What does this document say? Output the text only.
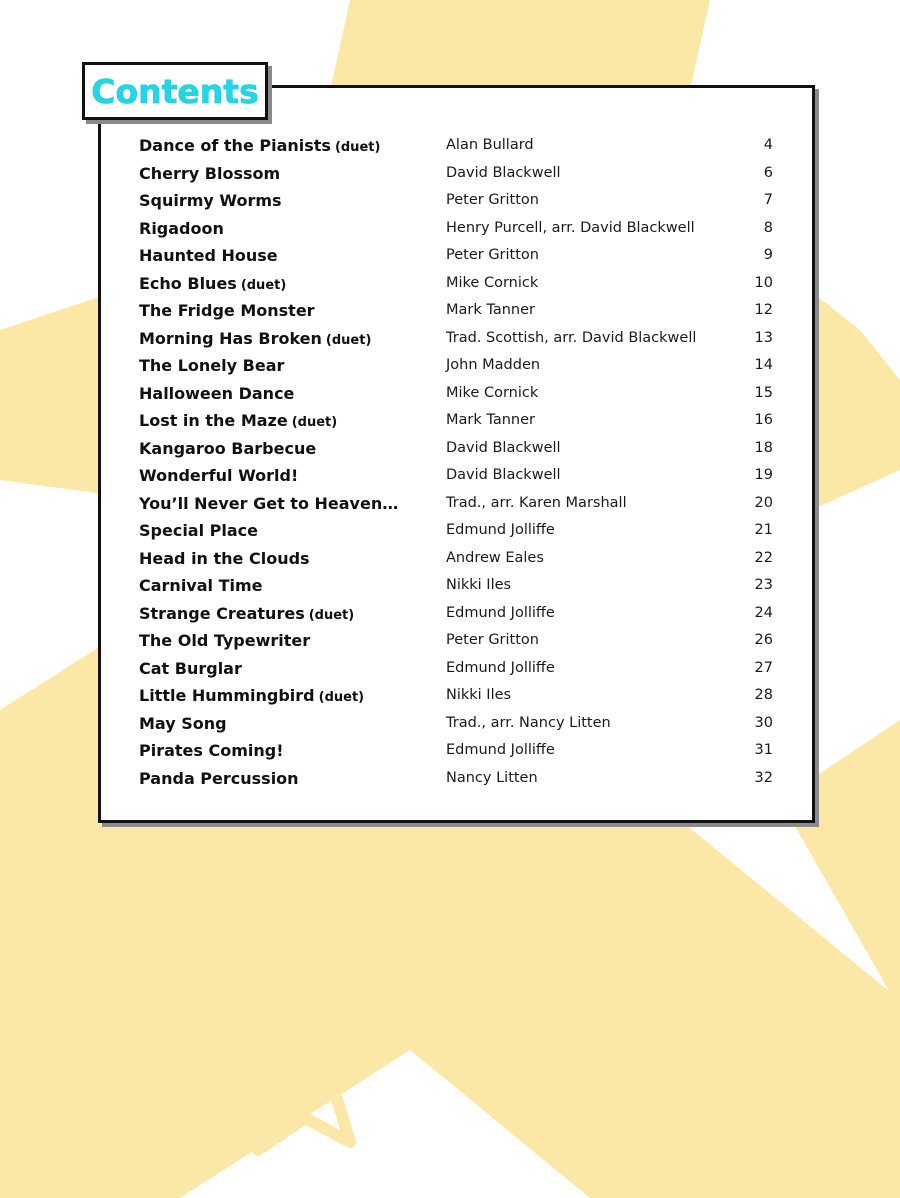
Contents
Dance of the Pianists (duet)	Alan Bullard	4
Cherry Blossom	David Blackwell	6
Squirmy Worms	Peter Gritton	7
Rigadoon	Henry Purcell, arr. David Blackwell	8
Haunted House	Peter Gritton	9
Echo Blues (duet)	Mike Cornick	10
The Fridge Monster	Mark Tanner	12
Morning Has Broken (duet)	Trad. Scottish, arr. David Blackwell	13
The Lonely Bear	John Madden	14
Halloween Dance	Mike Cornick	15
Lost in the Maze (duet)	Mark Tanner	16
Kangaroo Barbecue	David Blackwell	18
Wonderful World!	David Blackwell	19
You’ll Never Get to Heaven…	Trad., arr. Karen Marshall	20
Special Place	Edmund Jolliffe	21
Head in the Clouds	Andrew Eales	22
Carnival Time	Nikki Iles	23
Strange Creatures (duet)	Edmund Jolliffe	24
The Old Typewriter	Peter Gritton	26
Cat Burglar	Edmund Jolliffe	27
Little Hummingbird (duet)	Nikki Iles	28
May Song	Trad., arr. Nancy Litten	30
Pirates Coming!	Edmund Jolliffe	31
Panda Percussion	Nancy Litten	32
